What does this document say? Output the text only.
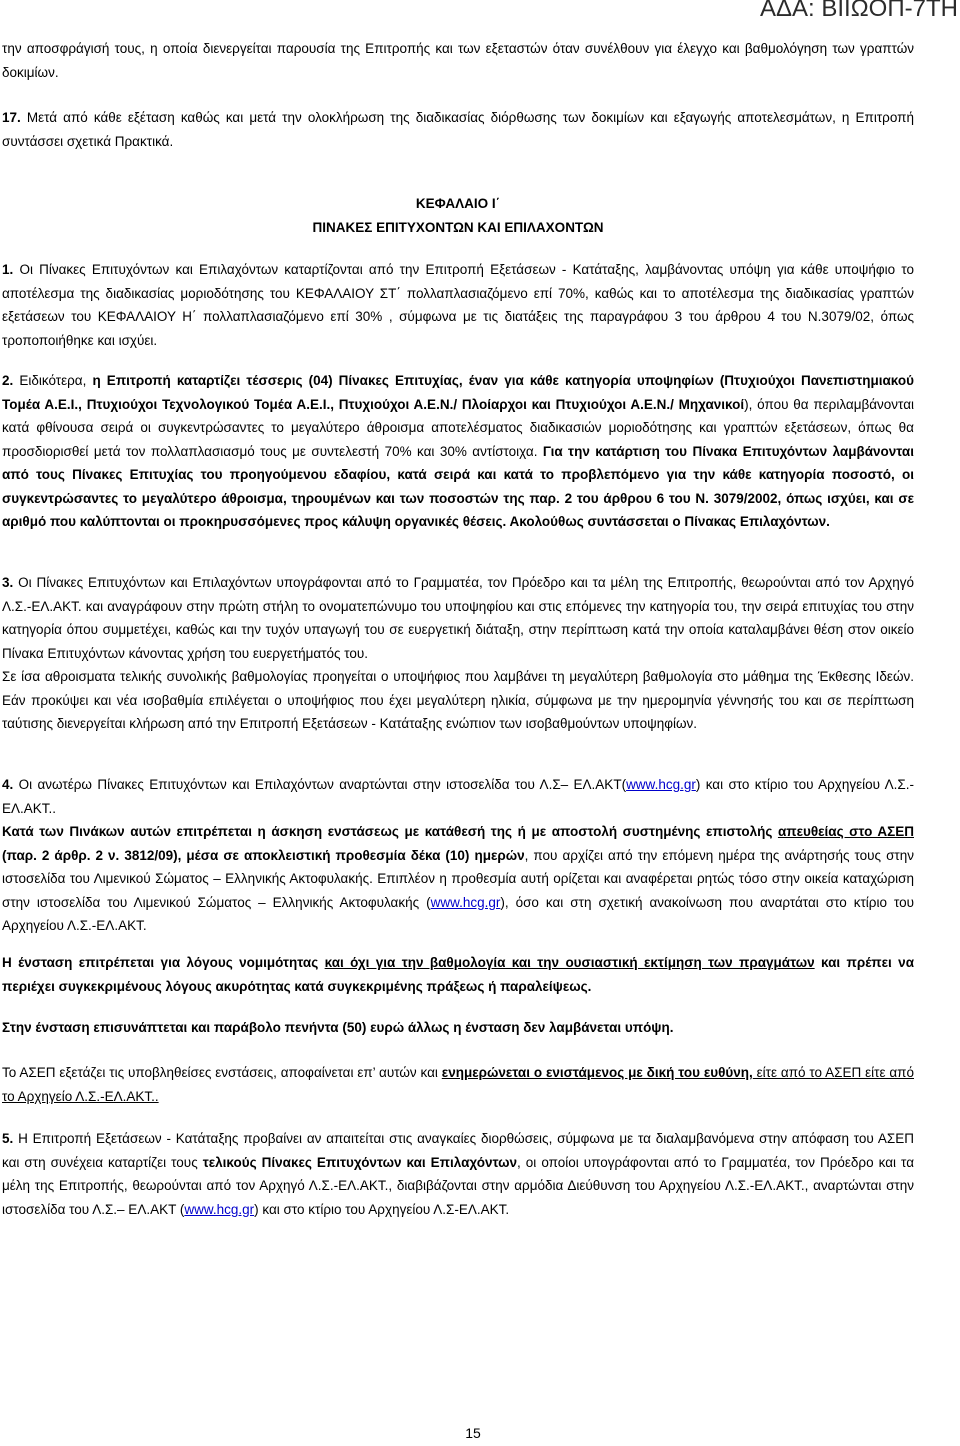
ΑΔΑ: ΒΙΙΩΟΠ-7ΤΗ

την αποσφράγισή τους, η οποία διενεργείται παρουσία της Επιτροπής και των εξεταστών όταν συνέλθουν για έλεγχο και βαθμολόγηση των γραπτών δοκιμίων.

17. Μετά από κάθε εξέταση καθώς και μετά την ολοκλήρωση της διαδικασίας διόρθωσης των δοκιμίων και εξαγωγής αποτελεσμάτων, η Επιτροπή συντάσσει σχετικά Πρακτικά.

ΚΕΦΑΛΑΙΟ Ι΄

ΠΙΝΑΚΕΣ ΕΠΙΤΥΧΟΝΤΩΝ ΚΑΙ ΕΠΙΛΑΧΟΝΤΩΝ

1. Οι Πίνακες Επιτυχόντων και Επιλαχόντων καταρτίζονται από την Επιτροπή Εξετάσεων - Κατάταξης, λαμβάνοντας υπόψη για κάθε υποψήφιο το αποτέλεσμα της διαδικασίας μοριοδότησης του ΚΕΦΑΛΑΙΟΥ ΣΤ΄ πολλαπλασιαζόμενο επί 70%, καθώς και το αποτέλεσμα της διαδικασίας γραπτών εξετάσεων του ΚΕΦΑΛΑΙΟΥ Η΄ πολλαπλασιαζόμενο επί 30% , σύμφωνα με τις διατάξεις της παραγράφου 3 του άρθρου 4 του Ν.3079/02, όπως τροποποιήθηκε και ισχύει.

2. Ειδικότερα, η Επιτροπή καταρτίζει τέσσερις (04) Πίνακες Επιτυχίας, έναν για κάθε κατηγορία υποψηφίων (Πτυχιούχοι Πανεπιστημιακού Τομέα Α.Ε.Ι., Πτυχιούχοι Τεχνολογικού Τομέα Α.Ε.Ι., Πτυχιούχοι Α.Ε.Ν./ Πλοίαρχοι και Πτυχιούχοι Α.Ε.Ν./ Μηχανικοί), όπου θα περιλαμβάνονται κατά φθίνουσα σειρά οι συγκεντρώσαντες το μεγαλύτερο άθροισμα αποτελέσματος διαδικασιών μοριοδότησης και γραπτών εξετάσεων, όπως θα προσδιορισθεί μετά τον πολλαπλασιασμό τους με συντελεστή 70% και 30% αντίστοιχα. Για την κατάρτιση του Πίνακα Επιτυχόντων λαμβάνονται από τους Πίνακες Επιτυχίας του προηγούμενου εδαφίου, κατά σειρά και κατά το προβλεπόμενο για την κάθε κατηγορία ποσοστό, οι συγκεντρώσαντες το μεγαλύτερο άθροισμα, τηρουμένων και των ποσοστών της παρ. 2 του άρθρου 6 του Ν. 3079/2002, όπως ισχύει, και σε αριθμό που καλύπτονται οι προκηρυσσόμενες προς κάλυψη οργανικές θέσεις. Ακολούθως συντάσσεται ο Πίνακας Επιλαχόντων.

3. Οι Πίνακες Επιτυχόντων και Επιλαχόντων υπογράφονται από το Γραμματέα, τον Πρόεδρο και τα μέλη της Επιτροπής, θεωρούνται από τον Αρχηγό Λ.Σ.-ΕΛ.ΑΚΤ. και αναγράφουν στην πρώτη στήλη το ονοματεπώνυμο του υποψηφίου και στις επόμενες την κατηγορία του, την σειρά επιτυχίας του στην κατηγορία όπου συμμετέχει, καθώς και την τυχόν υπαγωγή του σε ευεργετική διάταξη, στην περίπτωση κατά την οποία καταλαμβάνει θέση στον οικείο Πίνακα Επιτυχόντων κάνοντας χρήση του ευεργετήματός του.

Σε ίσα αθροισματα τελικής συνολικής βαθμολογίας προηγείται ο υποψήφιος που λαμβάνει τη μεγαλύτερη βαθμολογία στο μάθημα της Έκθεσης Ιδεών. Εάν προκύψει και νέα ισοβαθμία επιλέγεται ο υποψήφιος που έχει μεγαλύτερη ηλικία, σύμφωνα με την ημερομηνία γέννησής του και σε περίπτωση ταύτισης διενεργείται κλήρωση από την Επιτροπή Εξετάσεων - Κατάταξης ενώπιον των ισοβαθμούντων υποψηφίων.

4. Οι ανωτέρω Πίνακες Επιτυχόντων και Επιλαχόντων αναρτώνται στην ιστοσελίδα του Λ.Σ– ΕΛ.ΑΚΤ(www.hcg.gr) και στο κτίριο του Αρχηγείου Λ.Σ.-ΕΛ.ΑΚΤ..

Κατά των Πινάκων αυτών επιτρέπεται η άσκηση ενστάσεως με κατάθεσή της ή με αποστολή συστημένης επιστολής απευθείας στο ΑΣΕΠ (παρ. 2 άρθρ. 2 ν. 3812/09), μέσα σε αποκλειστική προθεσμία δέκα (10) ημερών, που αρχίζει από την επόμενη ημέρα της ανάρτησής τους στην ιστοσελίδα του Λιμενικού Σώματος – Ελληνικής Ακτοφυλακής. Επιπλέον η προθεσμία αυτή ορίζεται και αναφέρεται ρητώς τόσο στην οικεία καταχώριση στην ιστοσελίδα του Λιμενικού Σώματος – Ελληνικής Ακτοφυλακής (www.hcg.gr), όσο και στη σχετική ανακοίνωση που αναρτάται στο κτίριο του Αρχηγείου Λ.Σ.-ΕΛ.ΑΚΤ.

Η ένσταση επιτρέπεται για λόγους νομιμότητας και όχι για την βαθμολογία και την ουσιαστική εκτίμηση των πραγμάτων και πρέπει να περιέχει συγκεκριμένους λόγους ακυρότητας κατά συγκεκριμένης πράξεως ή παραλείψεως.

Στην ένσταση επισυνάπτεται και παράβολο πενήντα (50) ευρώ άλλως η ένσταση δεν λαμβάνεται υπόψη.

Το ΑΣΕΠ εξετάζει τις υποβληθείσες ενστάσεις, αποφαίνεται επ’ αυτών και ενημερώνεται ο ενιστάμενος με δική του ευθύνη, είτε από το ΑΣΕΠ είτε από το Αρχηγείο Λ.Σ.-ΕΛ.ΑΚΤ..

5. Η Επιτροπή Εξετάσεων - Κατάταξης προβαίνει αν απαιτείται στις αναγκαίες διορθώσεις, σύμφωνα με τα διαλαμβανόμενα στην απόφαση του ΑΣΕΠ και στη συνέχεια καταρτίζει τους τελικούς Πίνακες Επιτυχόντων και Επιλαχόντων, οι οποίοι υπογράφονται από το Γραμματέα, τον Πρόεδρο και τα μέλη της Επιτροπής, θεωρούνται από τον Αρχηγό Λ.Σ.-ΕΛ.ΑΚΤ., διαβιβάζονται στην αρμόδια Διεύθυνση του Αρχηγείου Λ.Σ.-ΕΛ.ΑΚΤ., αναρτώνται στην ιστοσελίδα του Λ.Σ.– ΕΛ.ΑΚΤ (www.hcg.gr) και στο κτίριο του Αρχηγείου Λ.Σ-ΕΛ.ΑΚΤ.

15
